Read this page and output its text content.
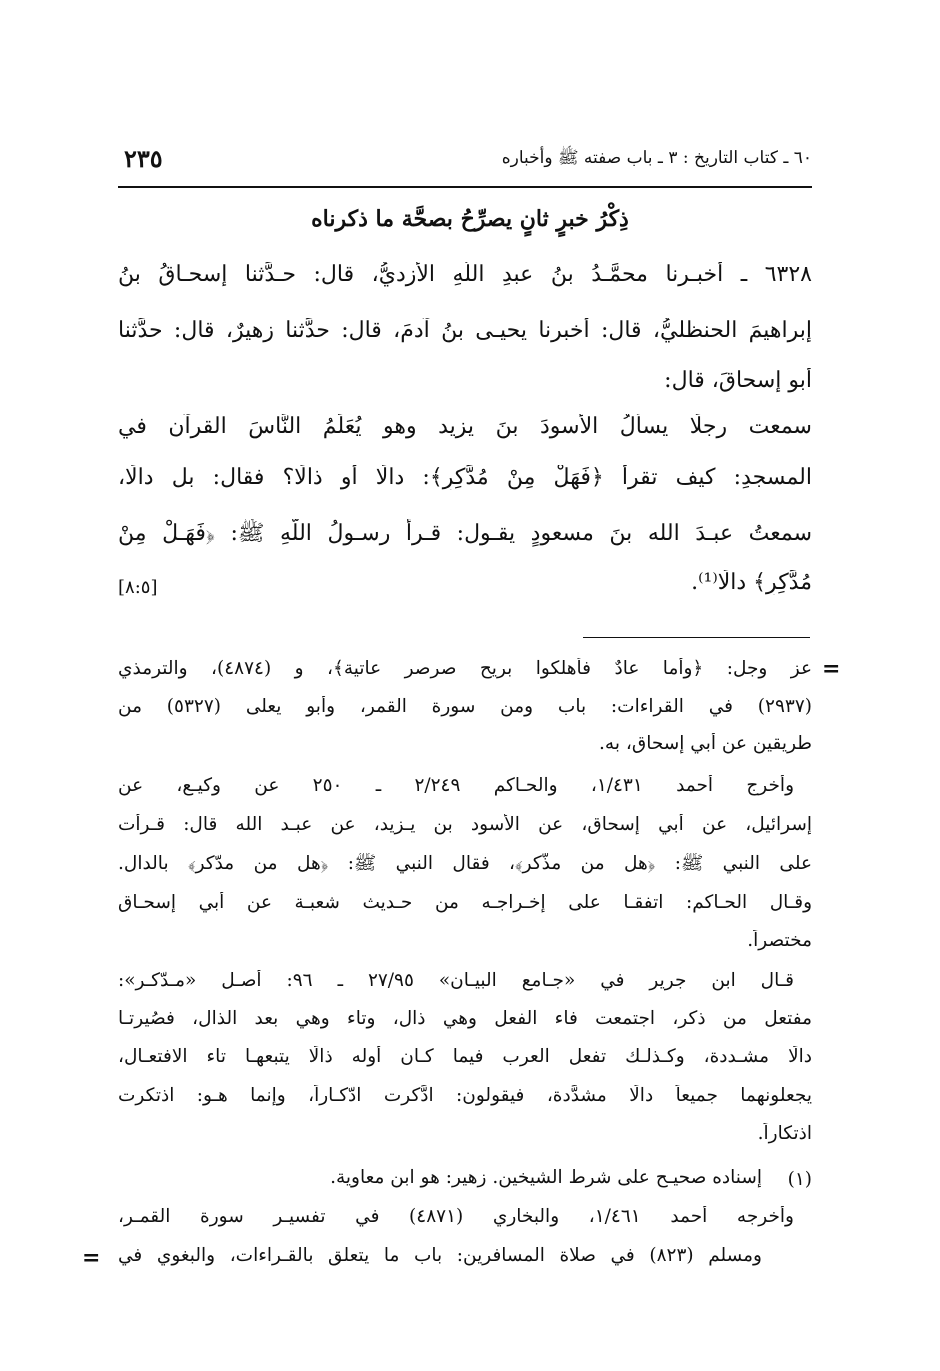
٦٠ ـ كتاب التاريخ : ٣ ـ باب صفته ﷺ وأخباره
٢٣٥
ذِكْرُ خبرٍ ثانٍ يصرِّحُ بصحَّة ما ذكرناه
٦٣٢٨ ـ أخبـرنا محمَّـدُ بنُ عبدِ اللَّهِ الأزديُّ، قال: حـدَّثنا إسحـاقُ بنُ
إبراهيمَ الحنظليُّ، قال: أخبرنا يحيـى بنُ آدمَ، قال: حدَّثنا زهيرٌ، قال: حدَّثنا
أبو إسحاقَ، قال:
سمعت رجلًا يسألُ الأسودَ بنَ يزيد وهو يُعَلِّمُ النَّاسَ القرآن في
المسجدِ: كيف تقرأ ﴿فَهَلْ مِنْ مُدَّكِرٍ﴾: دالًا أو ذالًا؟ فقال: بل دالًا،
سمعتُ عبـدَ الله بنَ مسعودٍ يقـول: قـرأ رسـولُ اللَّهِ ﷺ: ﴿فَهَـلْ مِنْ
مُدَّكِرٍ﴾ دالًا⁽¹⁾.
[٨:٥]
=
عز وجل: ﴿وأما عادٌ فأُهلكوا بريح صرصر عاتية﴾، و (٤٨٧٤)، والترمذي
(٢٩٣٧) في القراءات: باب ومن سورة القمر، وأبو يعلى (٥٣٢٧) من
طريقين عن أبي إسحاق، به.
وأخرج أحمد ١/٤٣١، والحـاكم ٢/٢٤٩ ـ ٢٥٠ عن وكيـع، عن
إسرائيل، عن أبي إسحاق، عن الأسود بن يـزيد، عن عبـد الله قال: قـرأت
على النبي ﷺ: ﴿هل من مذَّكر﴾، فقال النبي ﷺ: ﴿هل من مدّكر﴾ بالدال.
وقـال الحـاكم: اتفقـا على إخـراجـه من حـديث شعبـة عن أبي إسحـاق
مختصراً.
قـال ابن جرير في «جـامع البيـان» ٢٧/٩٥ ـ ٩٦: أصـل «مـدّكـر»:
مفتعل من ذكر، اجتمعت فاء الفعل وهي ذال، وتاء وهي بعد الذال، فصُيرتـا
دالًا مشـددة، وكـذلـك تفعل العرب فيما كـان أوله ذالًا يتبعهـا تاء الافتعـال،
يجعلونهما جميعاً دالًا مشدَّدة، فيقولون: ادَّكرت ادّكـاراً، وإنما هـو: اذتكرت
اذتكاراً.
(١)
إسناده صحيـح على شرط الشيخين. زهير: هو ابن معاوية.
وأخرجه أحمد ١/٤٦١، والبخاري (٤٨٧١) في تفسيـر سورة القمـر،
ومسلم (٨٢٣) في صلاة المسافرين: باب ما يتعلق بالقـراءات، والبغوي في
=
